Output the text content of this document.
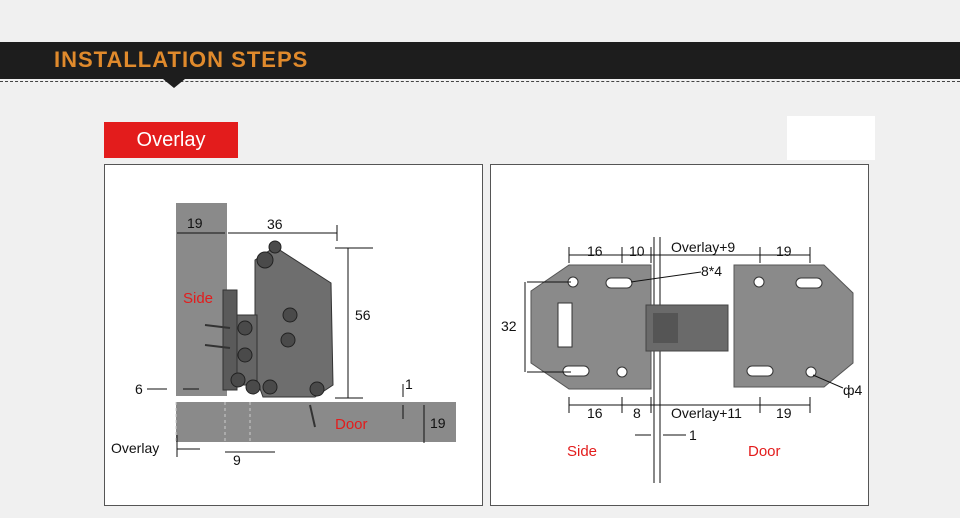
INSTALLATION STEPS
Overlay
19	36
56
6	1
19
9
Overlay
Side
Door
16 10 Overlay+9	19
8*4
32
16 8 Overlay+11 19
1
ф4
Side	Door
